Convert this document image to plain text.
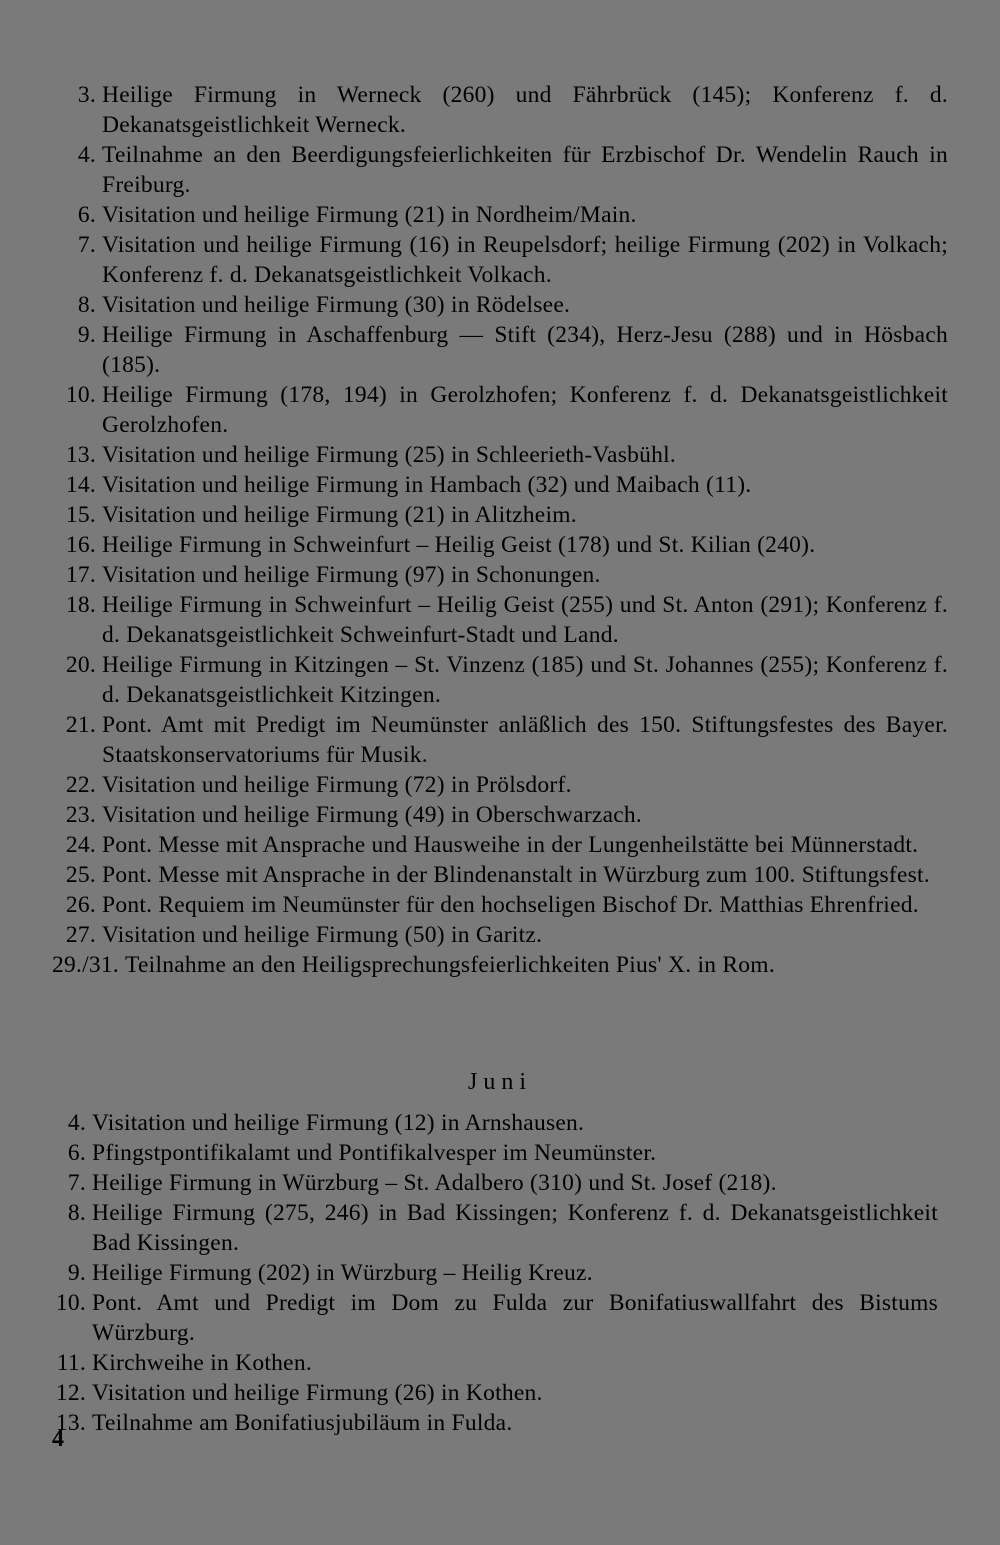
3. Heilige Firmung in Werneck (260) und Fährbrück (145); Konferenz f. d. Dekanatsgeistlichkeit Werneck.
4. Teilnahme an den Beerdigungsfeierlichkeiten für Erzbischof Dr. Wendelin Rauch in Freiburg.
6. Visitation und heilige Firmung (21) in Nordheim/Main.
7. Visitation und heilige Firmung (16) in Reupelsdorf; heilige Firmung (202) in Volkach; Konferenz f. d. Dekanatsgeistlichkeit Volkach.
8. Visitation und heilige Firmung (30) in Rödelsee.
9. Heilige Firmung in Aschaffenburg — Stift (234), Herz-Jesu (288) und in Hösbach (185).
10. Heilige Firmung (178, 194) in Gerolzhofen; Konferenz f. d. Dekanatsgeistlichkeit Gerolzhofen.
13. Visitation und heilige Firmung (25) in Schleerieth-Vasbühl.
14. Visitation und heilige Firmung in Hambach (32) und Maibach (11).
15. Visitation und heilige Firmung (21) in Alitzheim.
16. Heilige Firmung in Schweinfurt – Heilig Geist (178) und St. Kilian (240).
17. Visitation und heilige Firmung (97) in Schonungen.
18. Heilige Firmung in Schweinfurt – Heilig Geist (255) und St. Anton (291); Konferenz f. d. Dekanatsgeistlichkeit Schweinfurt-Stadt und Land.
20. Heilige Firmung in Kitzingen – St. Vinzenz (185) und St. Johannes (255); Konferenz f. d. Dekanatsgeistlichkeit Kitzingen.
21. Pont. Amt mit Predigt im Neumünster anläßlich des 150. Stiftungsfestes des Bayer. Staatskonservatoriums für Musik.
22. Visitation und heilige Firmung (72) in Prölsdorf.
23. Visitation und heilige Firmung (49) in Oberschwarzach.
24. Pont. Messe mit Ansprache und Hausweihe in der Lungenheilstätte bei Münnerstadt.
25. Pont. Messe mit Ansprache in der Blindenanstalt in Würzburg zum 100. Stiftungsfest.
26. Pont. Requiem im Neumünster für den hochseligen Bischof Dr. Matthias Ehrenfried.
27. Visitation und heilige Firmung (50) in Garitz.
29./31. Teilnahme an den Heiligsprechungsfeierlichkeiten Pius' X. in Rom.
Juni
4. Visitation und heilige Firmung (12) in Arnshausen.
6. Pfingstpontifikalamt und Pontifikalvesper im Neumünster.
7. Heilige Firmung in Würzburg – St. Adalbero (310) und St. Josef (218).
8. Heilige Firmung (275, 246) in Bad Kissingen; Konferenz f. d. Dekanatsgeistlichkeit Bad Kissingen.
9. Heilige Firmung (202) in Würzburg – Heilig Kreuz.
10. Pont. Amt und Predigt im Dom zu Fulda zur Bonifatiuswallfahrt des Bistums Würzburg.
11. Kirchweihe in Kothen.
12. Visitation und heilige Firmung (26) in Kothen.
13. Teilnahme am Bonifatiusjubiläum in Fulda.
4
